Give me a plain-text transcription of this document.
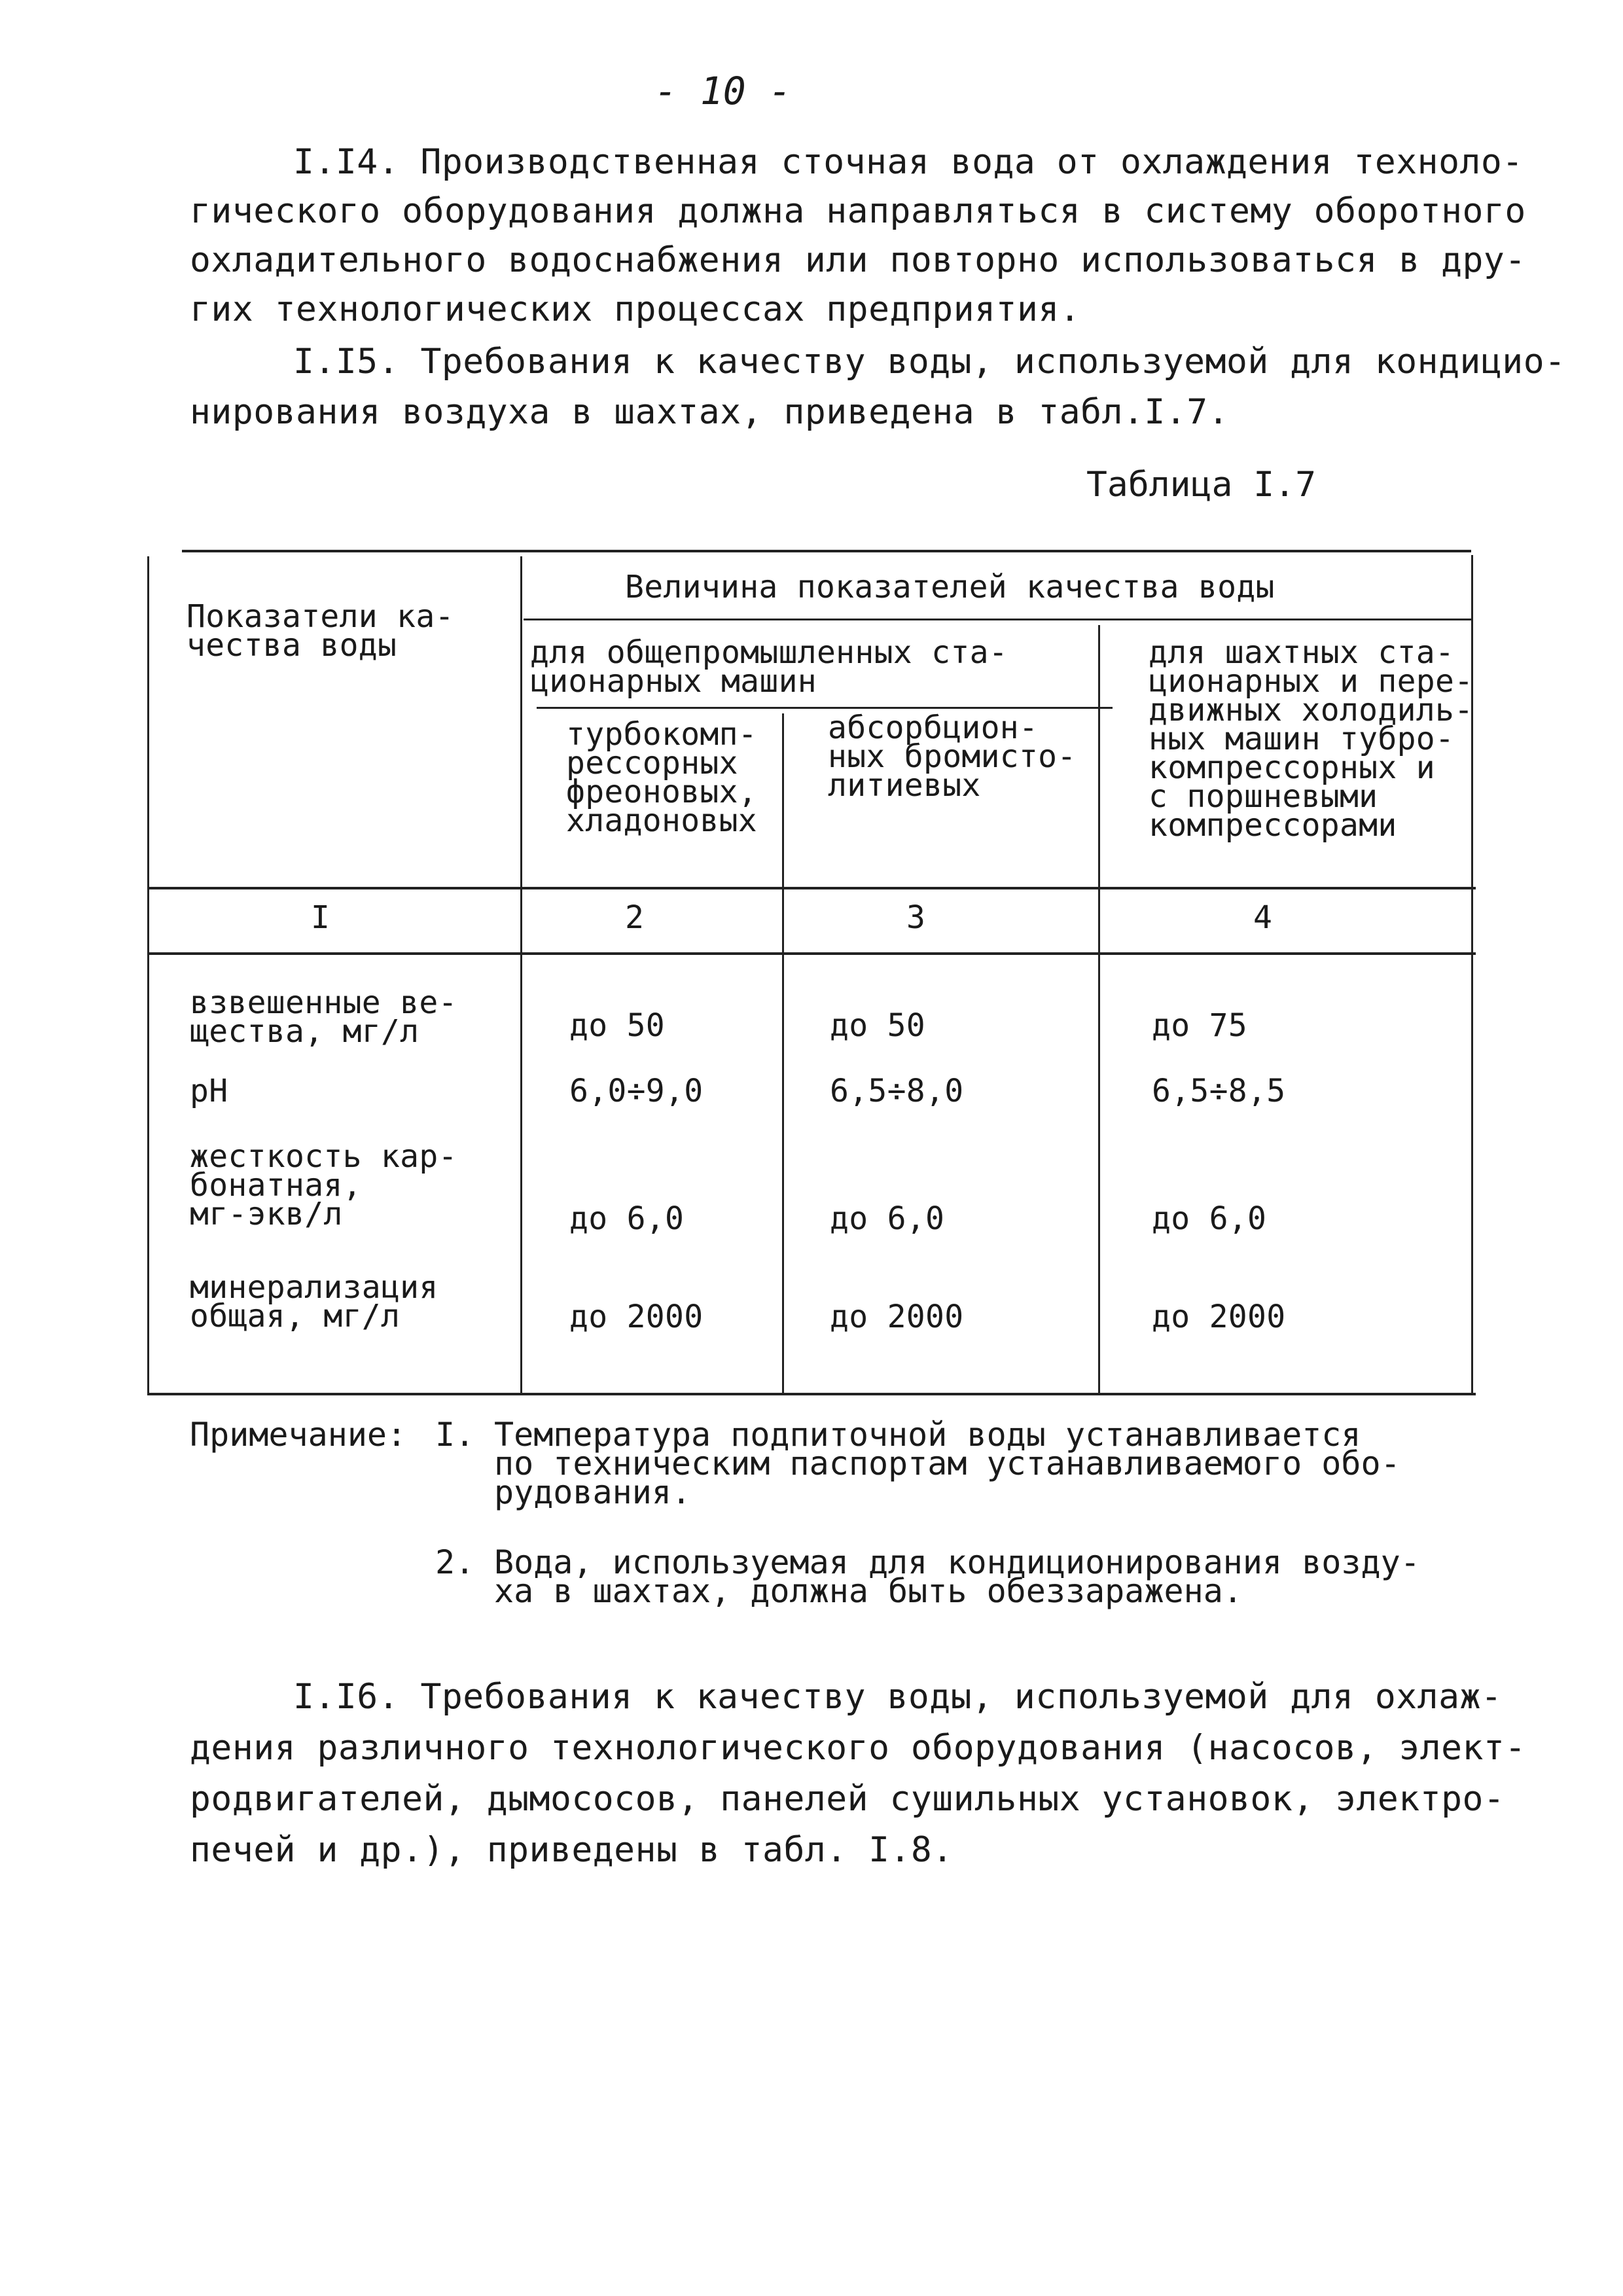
- 10 -
I.I4. Производственная сточная вода от охлаждения техноло-
гического оборудования должна направляться в систему оборотного
охладительного водоснабжения или повторно использоваться в дру-
гих технологических процессах предприятия.
I.I5. Требования к качеству воды, используемой для кондицио-
нирования воздуха в шахтах, приведена в табл.I.7.
Таблица I.7
Показатели ка-
чества воды
Величина показателей качества воды
для общепромышленных ста-
ционарных машин
турбокомп-
рессорных
фреоновых,
хладоновых
абсорбцион-
ных бромисто-
литиевых
для шахтных ста-
ционарных и пере-
движных холодиль-
ных машин тубро-
компрессорных и
с поршневыми
компрессорами
I	2	3	4
взвешенные ве-
щества, мг/л	до 50	до 50	до 75
pH	6,0÷9,0	6,5÷8,0	6,5÷8,5
жесткость кар-
бонатная,
мг-экв/л	до 6,0	до 6,0	до 6,0
минерализация
общая, мг/л	до 2000	до 2000	до 2000
Примечание: I. Температура подпиточной воды устанавливается
по техническим паспортам устанавливаемого обо-
рудования.
2. Вода, используемая для кондиционирования возду-
ха в шахтах, должна быть обеззаражена.
I.I6. Требования к качеству воды, используемой для охлаж-
дения различного технологического оборудования (насосов, элект-
родвигателей, дымососов, панелей сушильных установок, электро-
печей и др.), приведены в табл. I.8.
